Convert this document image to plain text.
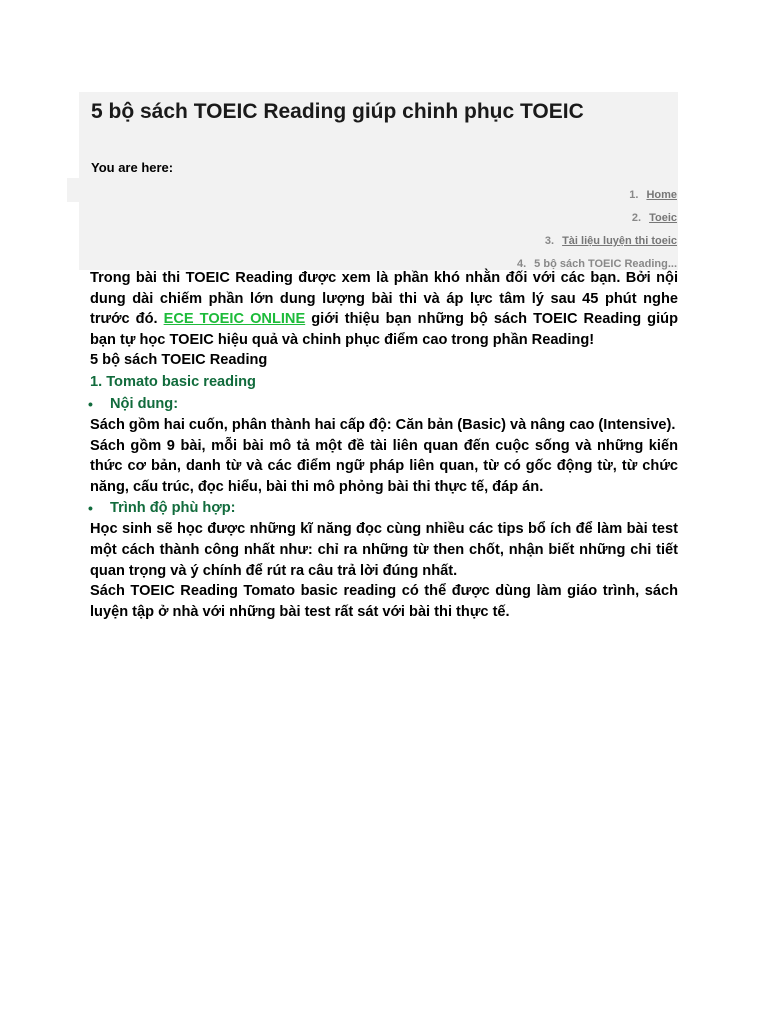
5 bộ sách TOEIC Reading giúp chinh phục TOEIC
You are here:
1. Home
2. Toeic
3. Tài liệu luyện thi toeic
4. 5 bộ sách TOEIC Reading...

Trong bài thi TOEIC Reading được xem là phần khó nhằn đối với các bạn. Bởi nội dung dài chiếm phần lớn dung lượng bài thi và áp lực tâm lý sau 45 phút nghe trước đó. ECE TOEIC ONLINE giới thiệu bạn những bộ sách TOEIC Reading giúp bạn tự học TOEIC hiệu quả và chinh phục điểm cao trong phần Reading!

5 bộ sách TOEIC Reading

1. Tomato basic reading

• Nội dung:

Sách gồm hai cuốn, phân thành hai cấp độ: Căn bản (Basic) và nâng cao (Intensive).

Sách gồm 9 bài, mỗi bài mô tả một đề tài liên quan đến cuộc sống và những kiến thức cơ bản, danh từ và các điểm ngữ pháp liên quan, từ có gốc động từ, từ chức năng, cấu trúc, đọc hiểu, bài thi mô phỏng bài thi thực tế, đáp án.

• Trình độ phù hợp:

Học sinh sẽ học được những kĩ năng đọc cùng nhiều các tips bổ ích để làm bài test một cách thành công nhất như: chỉ ra những từ then chốt, nhận biết những chi tiết quan trọng và ý chính để rút ra câu trả lời đúng nhất.

Sách TOEIC Reading Tomato basic reading có thể được dùng làm giáo trình, sách luyện tập ở nhà với những bài test rất sát với bài thi thực tế.
